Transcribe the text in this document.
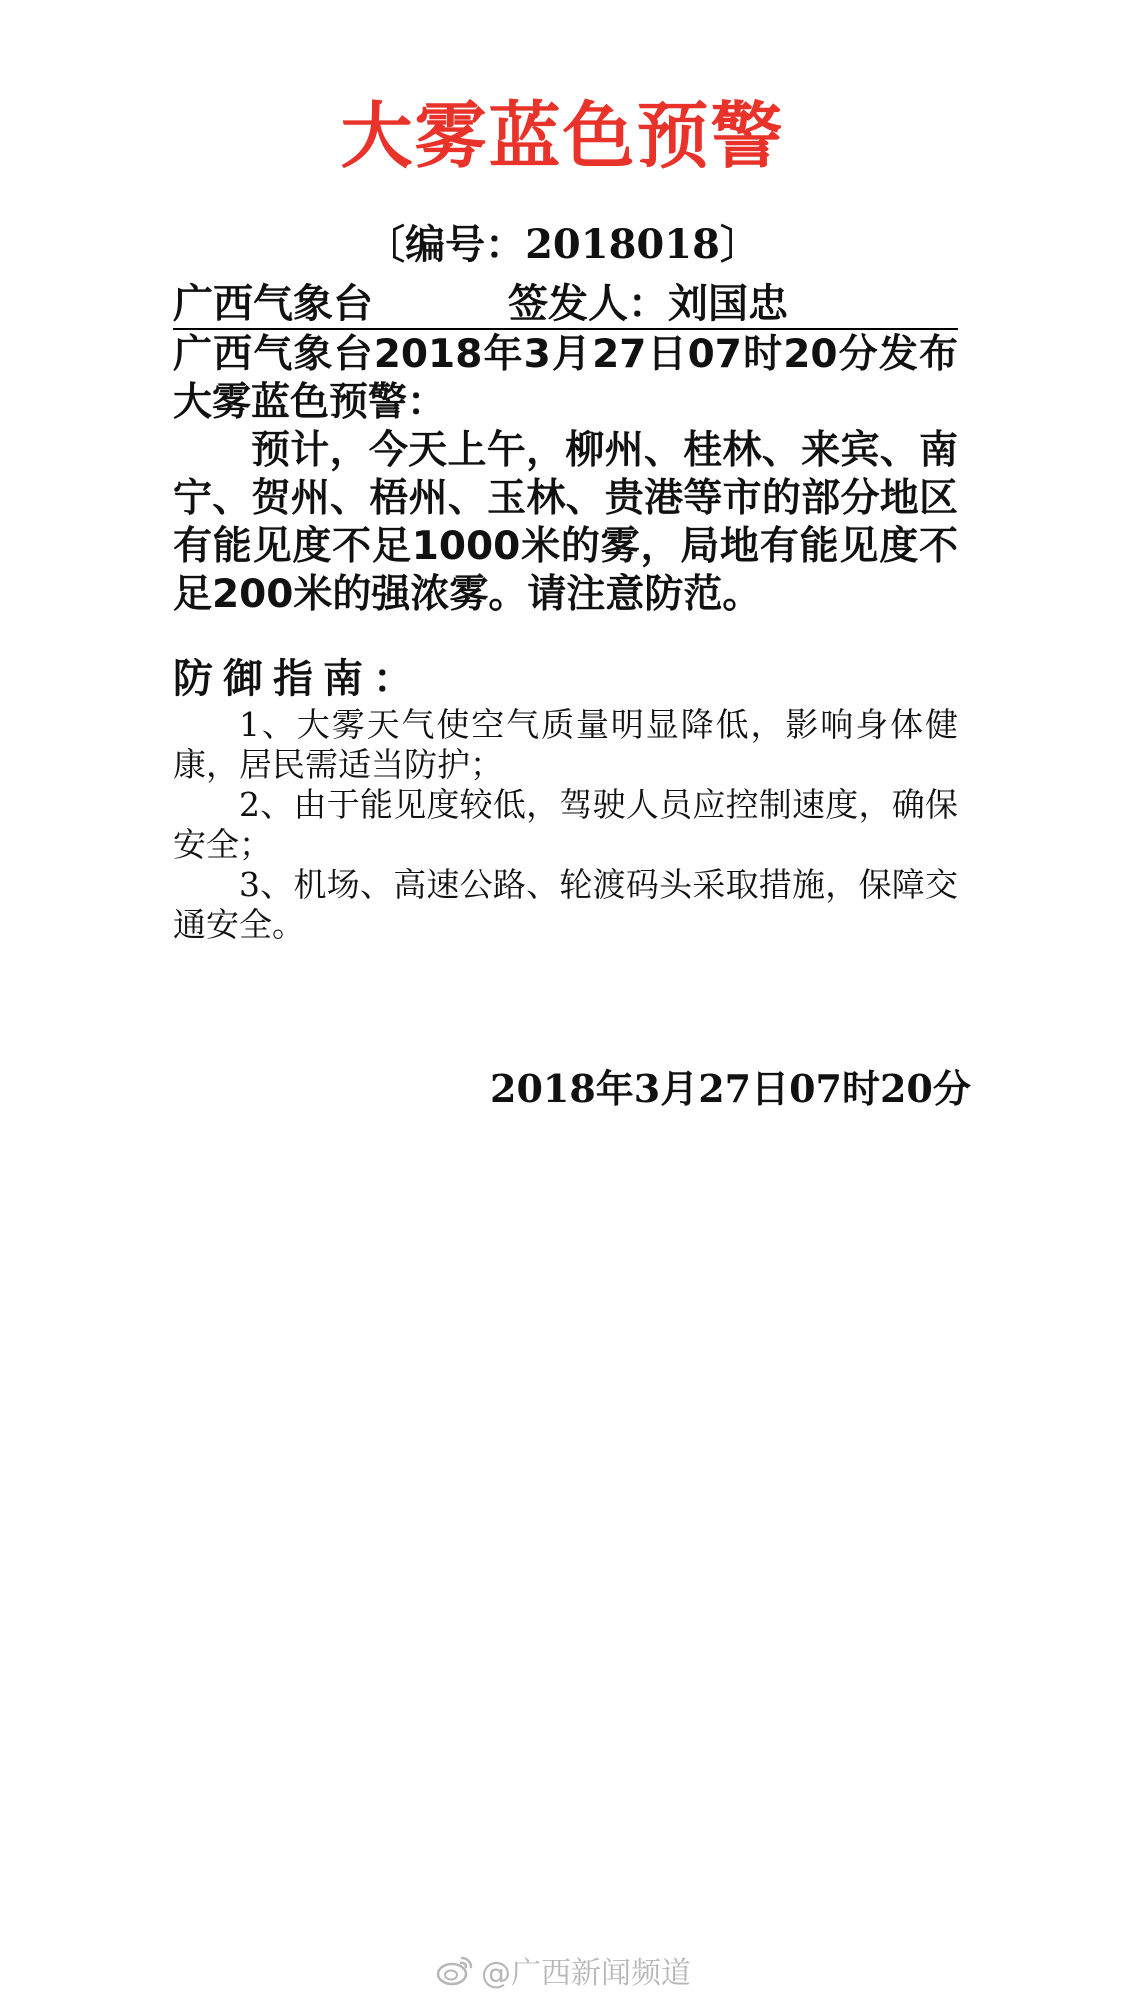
大雾蓝色预警
〔编号：2018018〕
广西气象台	签发人：刘国忠
广西气象台2018年3月27日07时20分发布大雾蓝色预警：
预计，今天上午，柳州、桂林、来宾、南宁、贺州、梧州、玉林、贵港等市的部分地区有能见度不足1000米的雾，局地有能见度不足200米的强浓雾。请注意防范。
防御指南：
1、大雾天气使空气质量明显降低，影响身体健康，居民需适当防护；
2、由于能见度较低，驾驶人员应控制速度，确保安全；
3、机场、高速公路、轮渡码头采取措施，保障交通安全。
2018年3月27日07时20分
@广西新闻频道
